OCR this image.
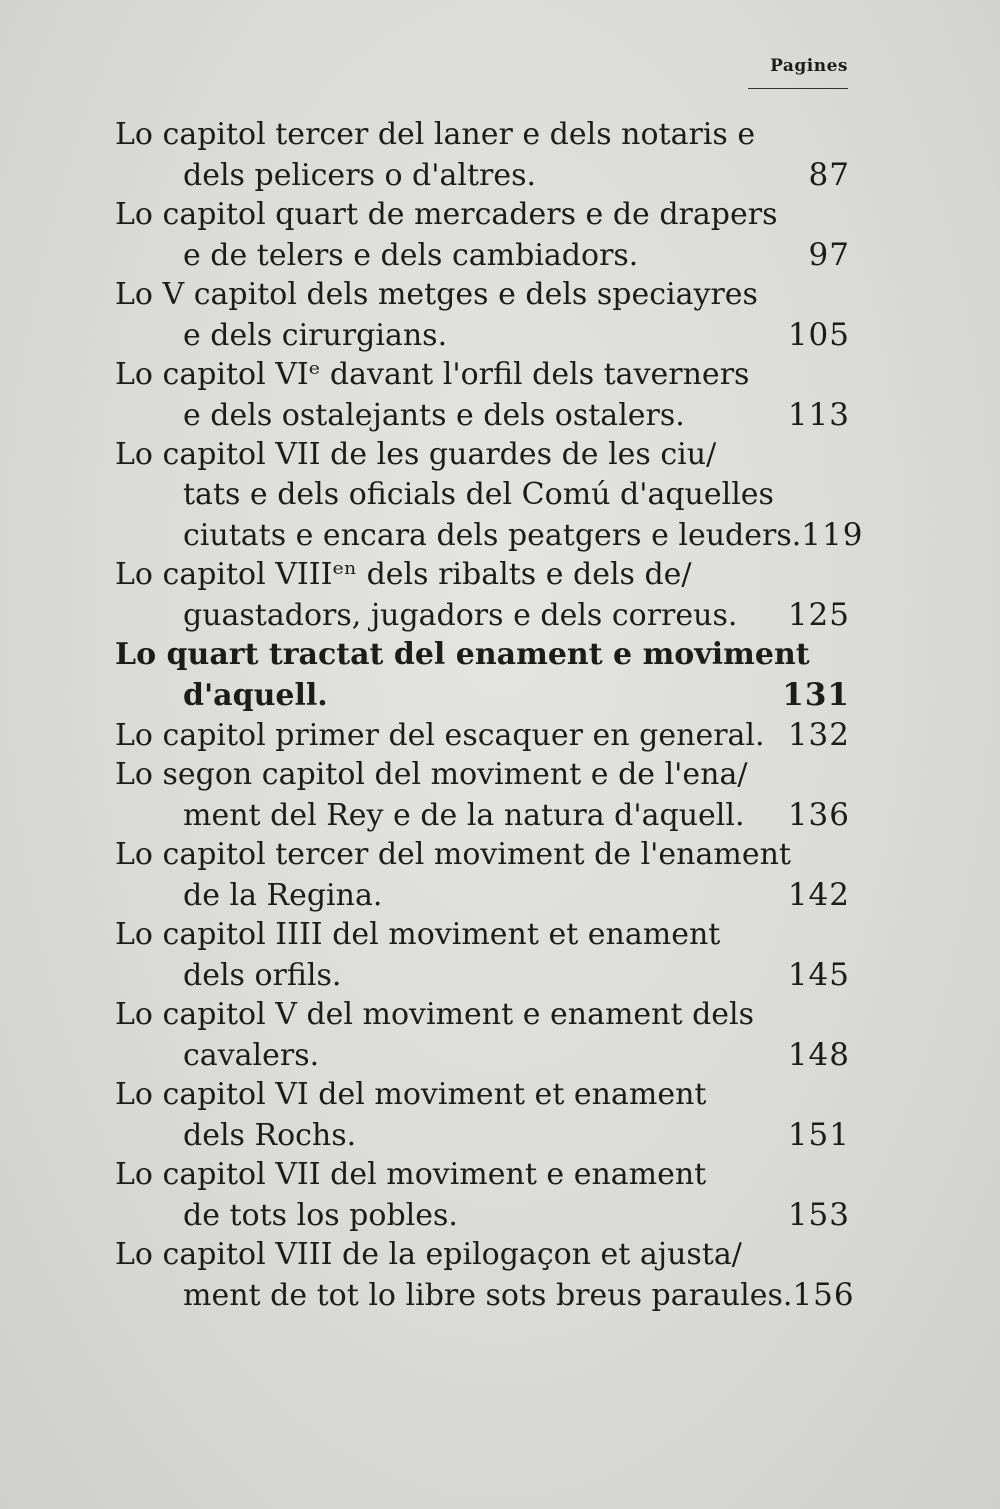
Pagines
Lo capitol tercer del laner e dels notaris e
dels pelicers o d'altres.	87
Lo capitol quart de mercaders e de drapers
e de telers e dels cambiadors.	97
Lo V capitol dels metges e dels speciayres
e dels cirurgians.	105
Lo capitol VIᵉ davant l'orfil dels taverners
e dels ostalejants e dels ostalers.	113
Lo capitol VII de les guardes de les ciu/
tats e dels oficials del Comú d'aquelles
ciutats e encara dels peatgers e leuders. 119
Lo capitol VIIIᵉⁿ dels ribalts e dels de/
guastadors, jugadors e dels correus. 125
Lo quart tractat del enament e moviment
d'aquell.	131
Lo capitol primer del escaquer en general. 132
Lo segon capitol del moviment e de l'ena/
ment del Rey e de la natura d'aquell. 136
Lo capitol tercer del moviment de l'enament
de la Regina.	142
Lo capitol IIII del moviment et enament
dels orfils.	145
Lo capitol V del moviment e enament dels
cavalers.	148
Lo capitol VI del moviment et enament
dels Rochs.	151
Lo capitol VII del moviment e enament
de tots los pobles.	153
Lo capitol VIII de la epilogaçon et ajusta/
ment de tot lo libre sots breus paraules. 156
